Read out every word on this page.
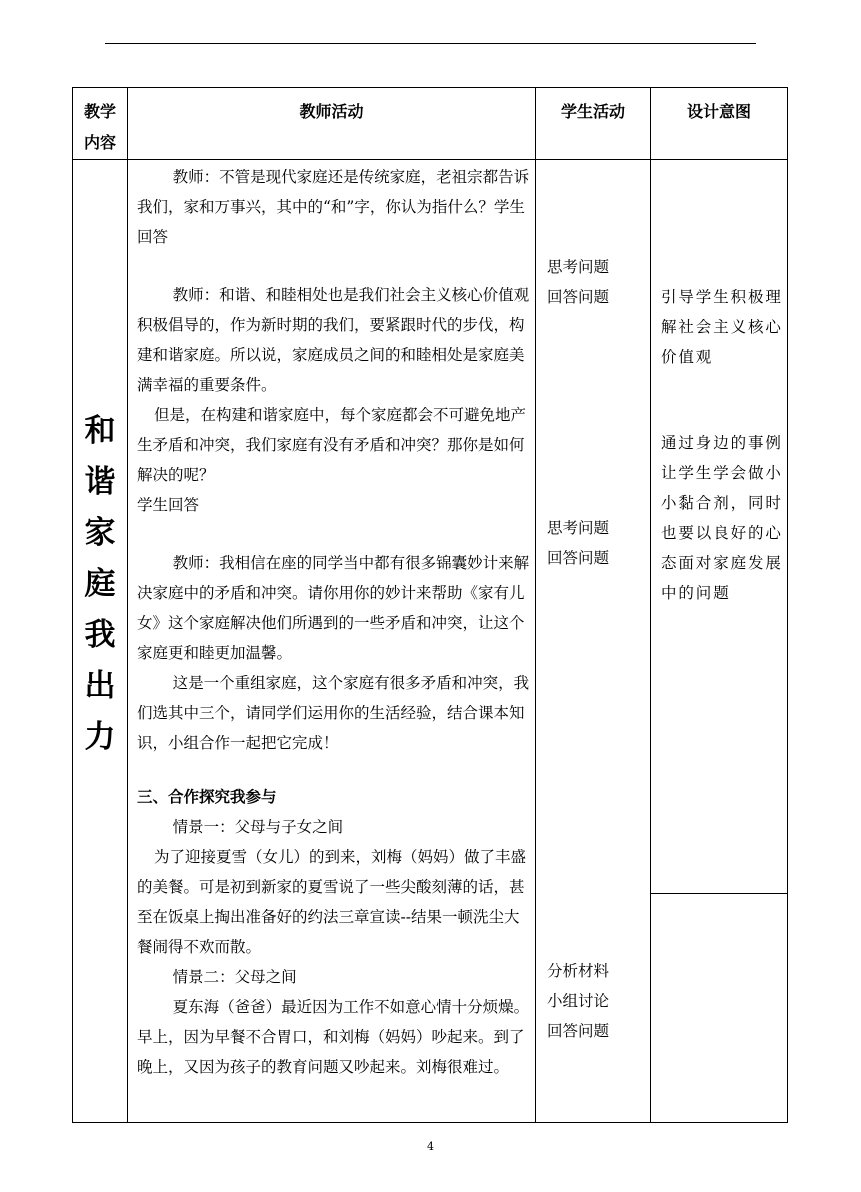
教学
内容
教师活动	学生活动	设计意图
和
谐
家
庭
我
出
力

教师：不管是现代家庭还是传统家庭，老祖宗都告诉我们，家和万事兴，其中的“和”字，你认为指什么？学生回答

教师：和谐、和睦相处也是我们社会主义核心价值观积极倡导的，作为新时期的我们，要紧跟时代的步伐，构建和谐家庭。所以说，家庭成员之间的和睦相处是家庭美满幸福的重要条件。

但是，在构建和谐家庭中，每个家庭都会不可避免地产生矛盾和冲突，我们家庭有没有矛盾和冲突？那你是如何解决的呢？

学生回答

教师：我相信在座的同学当中都有很多锦囊妙计来解决家庭中的矛盾和冲突。请你用你的妙计来帮助《家有儿女》这个家庭解决他们所遇到的一些矛盾和冲突，让这个家庭更和睦更加温馨。

这是一个重组家庭，这个家庭有很多矛盾和冲突，我们选其中三个，请同学们运用你的生活经验，结合课本知识，小组合作一起把它完成！

三、合作探究我参与

情景一：父母与子女之间

为了迎接夏雪（女儿）的到来，刘梅（妈妈）做了丰盛的美餐。可是初到新家的夏雪说了一些尖酸刻薄的话，甚至在饭桌上掏出准备好的约法三章宣读--结果一顿洗尘大餐闹得不欢而散。

情景二：父母之间

夏东海（爸爸）最近因为工作不如意心情十分烦燥。早上，因为早餐不合胃口，和刘梅（妈妈）吵起来。到了晚上，又因为孩子的教育问题又吵起来。刘梅很难过。

思考问题
回答问题
思考问题
回答问题
分析材料
小组讨论
回答问题
引导学生积极理解社会主义核心价值观
通过身边的事例让学生学会做小小黏合剂，同时也要以良好的心态面对家庭发展中的问题
4
